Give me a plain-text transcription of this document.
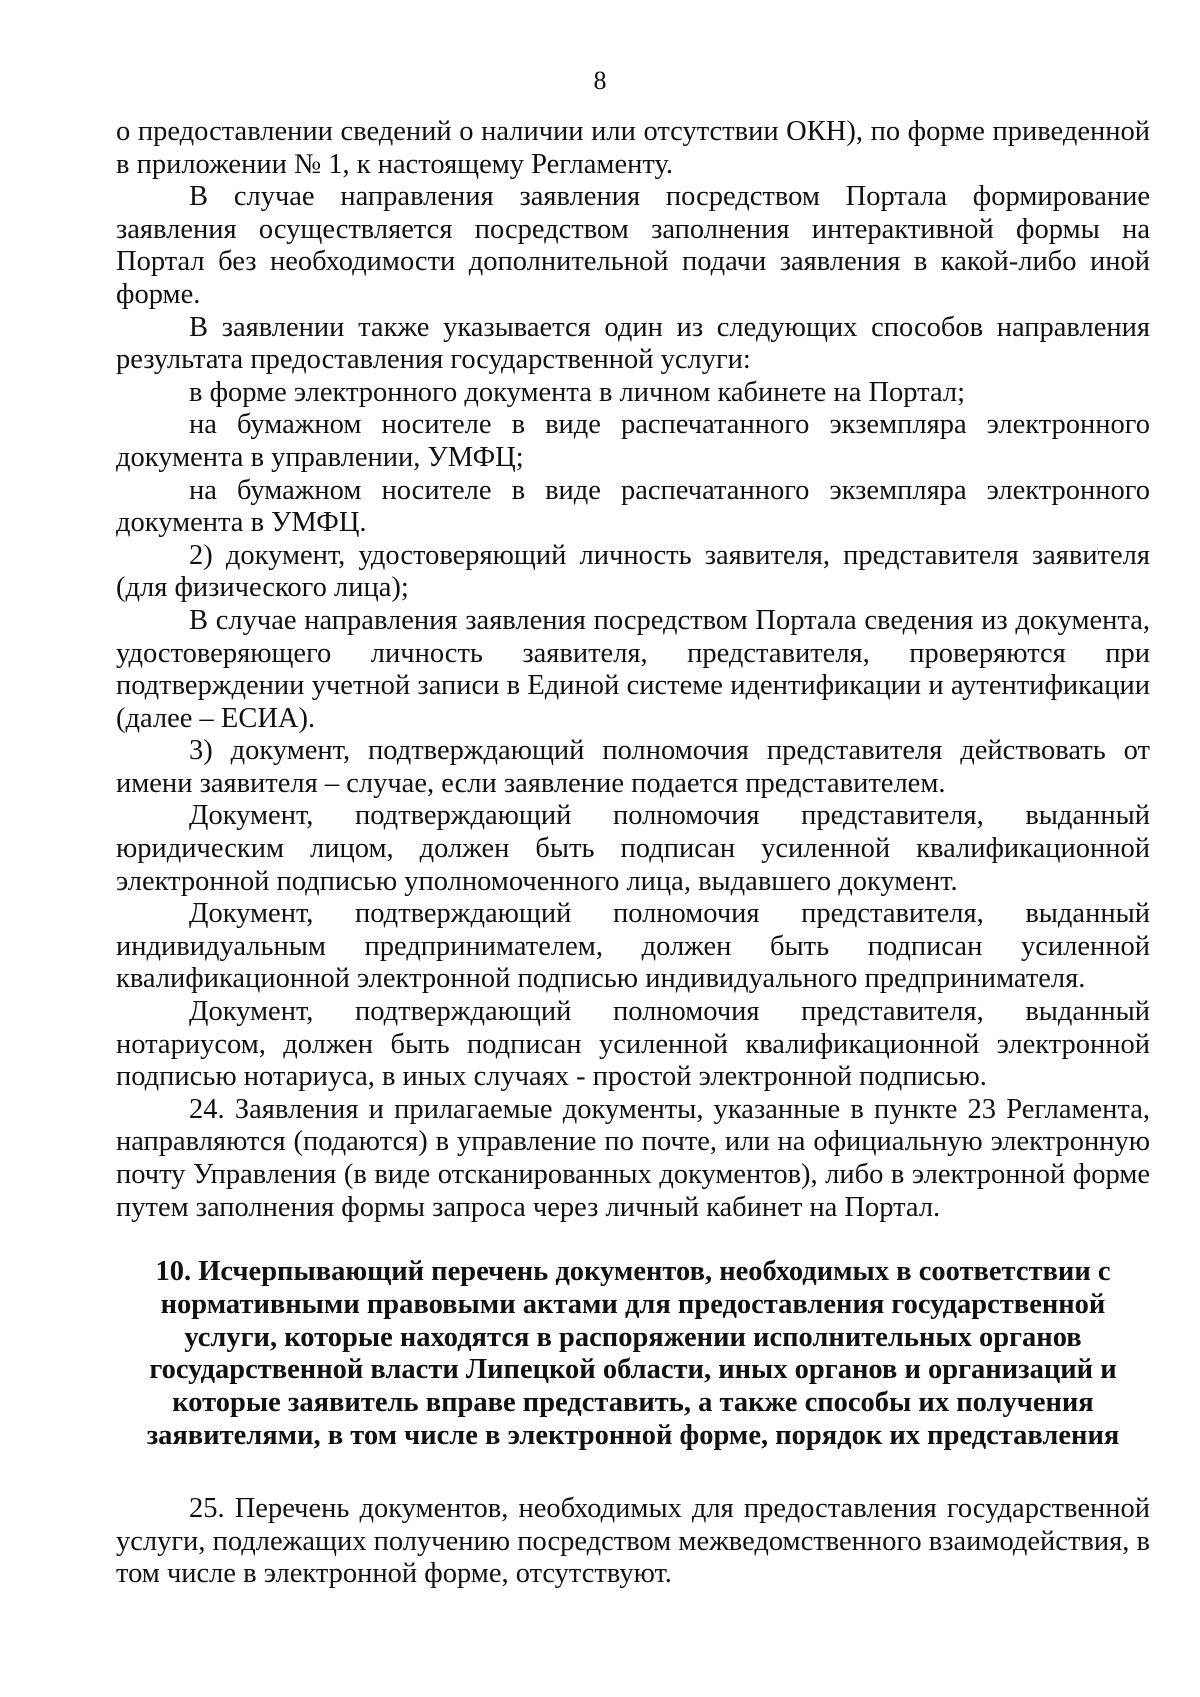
8

о предоставлении сведений о наличии или отсутствии ОКН), по форме приведенной в приложении № 1, к настоящему Регламенту.

В случае направления заявления посредством Портала формирование заявления осуществляется посредством заполнения интерактивной формы на Портал без необходимости дополнительной подачи заявления в какой-либо иной форме.

В заявлении также указывается один из следующих способов направления результата предоставления государственной услуги:

в форме электронного документа в личном кабинете на Портал;

на бумажном носителе в виде распечатанного экземпляра электронного документа в управлении, УМФЦ;

на бумажном носителе в виде распечатанного экземпляра электронного документа в УМФЦ.

2) документ, удостоверяющий личность заявителя, представителя заявителя (для физического лица);

В случае направления заявления посредством Портала сведения из документа, удостоверяющего личность заявителя, представителя, проверяются при подтверждении учетной записи в Единой системе идентификации и аутентификации (далее – ЕСИА).

3) документ, подтверждающий полномочия представителя действовать от имени заявителя – случае, если заявление подается представителем.

Документ, подтверждающий полномочия представителя, выданный юридическим лицом, должен быть подписан усиленной квалификационной электронной подписью уполномоченного лица, выдавшего документ.

Документ, подтверждающий полномочия представителя, выданный индивидуальным предпринимателем, должен быть подписан усиленной квалификационной электронной подписью индивидуального предпринимателя.

Документ, подтверждающий полномочия представителя, выданный нотариусом, должен быть подписан усиленной квалификационной электронной подписью нотариуса, в иных случаях - простой электронной подписью.

24. Заявления и прилагаемые документы, указанные в пункте 23 Регламента, направляются (подаются) в управление по почте, или на официальную электронную почту Управления (в виде отсканированных документов), либо в электронной форме путем заполнения формы запроса через личный кабинет на Портал.

10. Исчерпывающий перечень документов, необходимых в соответствии с нормативными правовыми актами для предоставления государственной услуги, которые находятся в распоряжении исполнительных органов государственной власти Липецкой области, иных органов и организаций и которые заявитель вправе представить, а также способы их получения заявителями, в том числе в электронной форме, порядок их представления

25. Перечень документов, необходимых для предоставления государственной услуги, подлежащих получению посредством межведомственного взаимодействия, в том числе в электронной форме, отсутствуют.
